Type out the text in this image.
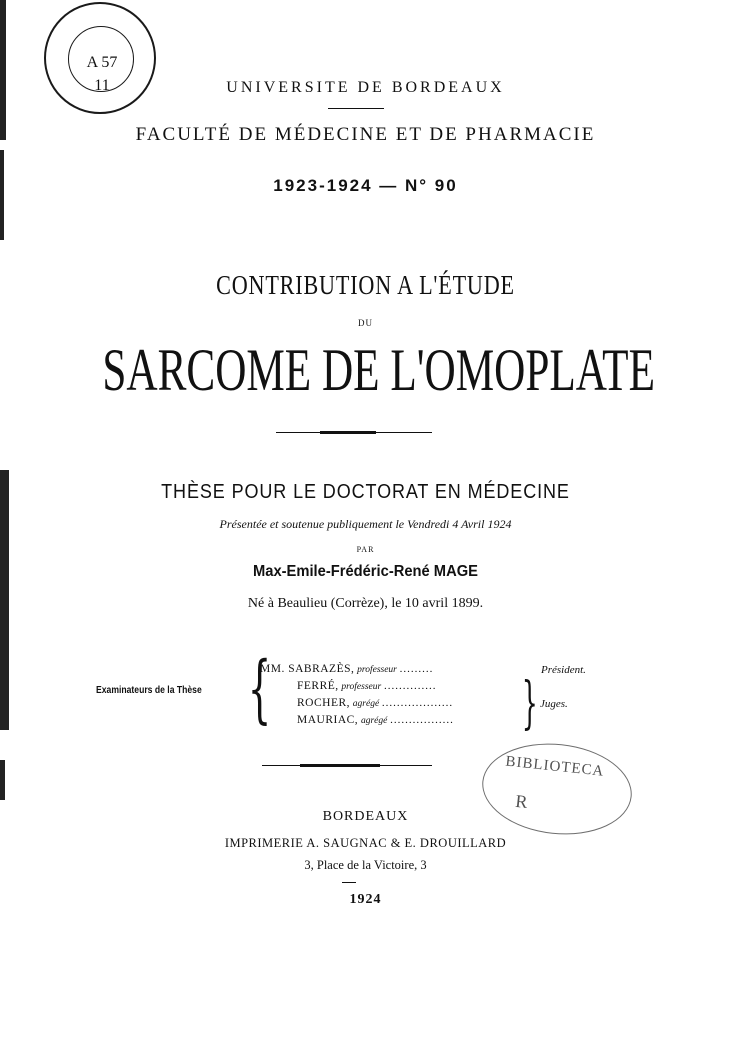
A 57
11	UNIVERSITE DE BORDEAUX
FACULTÉ DE MÉDECINE ET DE PHARMACIE
1923-1924 — N° 90
CONTRIBUTION A L'ÉTUDE
DU
SARCOME DE L'OMOPLATE
THÈSE POUR LE DOCTORAT EN MÉDECINE
Présentée et soutenue publiquement le Vendredi 4 Avril 1924
PAR
Max-Emile-Frédéric-René MAGE
Né à Beaulieu (Corrèze), le 10 avril 1899.
Examinateurs de la Thèse {
MM. SABRAZÈS, professeur .........	Président.
FERRÉ, professeur ..............
ROCHER, agrégé ...................
MAURIAC, agrégé ................. } Juges.
BIBLIOTECA
R
BORDEAUX
IMPRIMERIE A. SAUGNAC & E. DROUILLARD
3, Place de la Victoire, 3
1924
